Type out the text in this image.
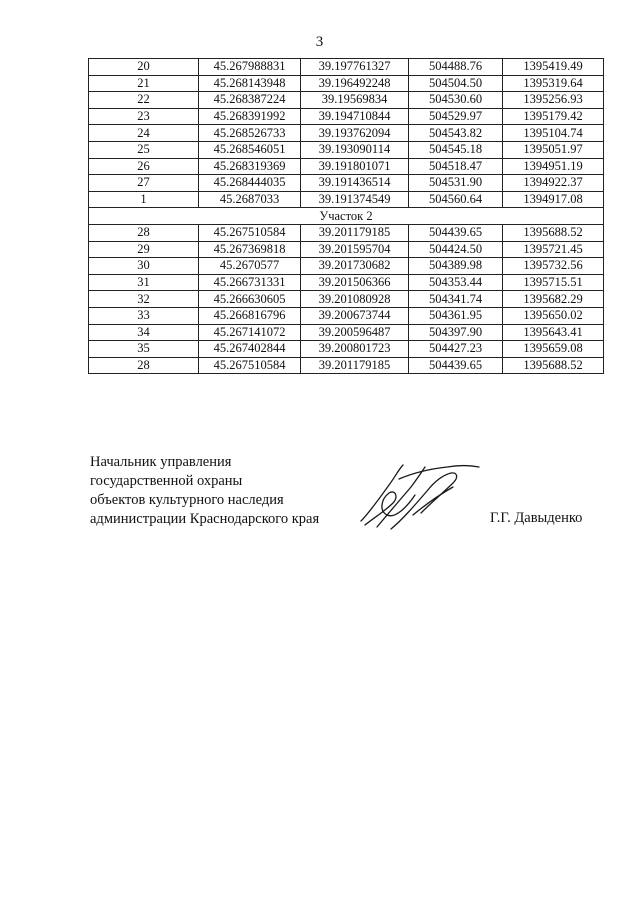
3
20	45.267988831	39.197761327	504488.76	1395419.49
21	45.268143948	39.196492248	504504.50	1395319.64
22	45.268387224	39.19569834	504530.60	1395256.93
23	45.268391992	39.194710844	504529.97	1395179.42
24	45.268526733	39.193762094	504543.82	1395104.74
25	45.268546051	39.193090114	504545.18	1395051.97
26	45.268319369	39.191801071	504518.47	1394951.19
27	45.268444035	39.191436514	504531.90	1394922.37
1	45.2687033	39.191374549	504560.64	1394917.08
Участок 2				
28	45.267510584	39.201179185	504439.65	1395688.52
29	45.267369818	39.201595704	504424.50	1395721.45
30	45.2670577	39.201730682	504389.98	1395732.56
31	45.266731331	39.201506366	504353.44	1395715.51
32	45.266630605	39.201080928	504341.74	1395682.29
33	45.266816796	39.200673744	504361.95	1395650.02
34	45.267141072	39.200596487	504397.90	1395643.41
35	45.267402844	39.200801723	504427.23	1395659.08
28	45.267510584	39.201179185	504439.65	1395688.52
Начальник управления
государственной охраны
объектов культурного наследия
администрации Краснодарского края	Г.Г. Давыденко
